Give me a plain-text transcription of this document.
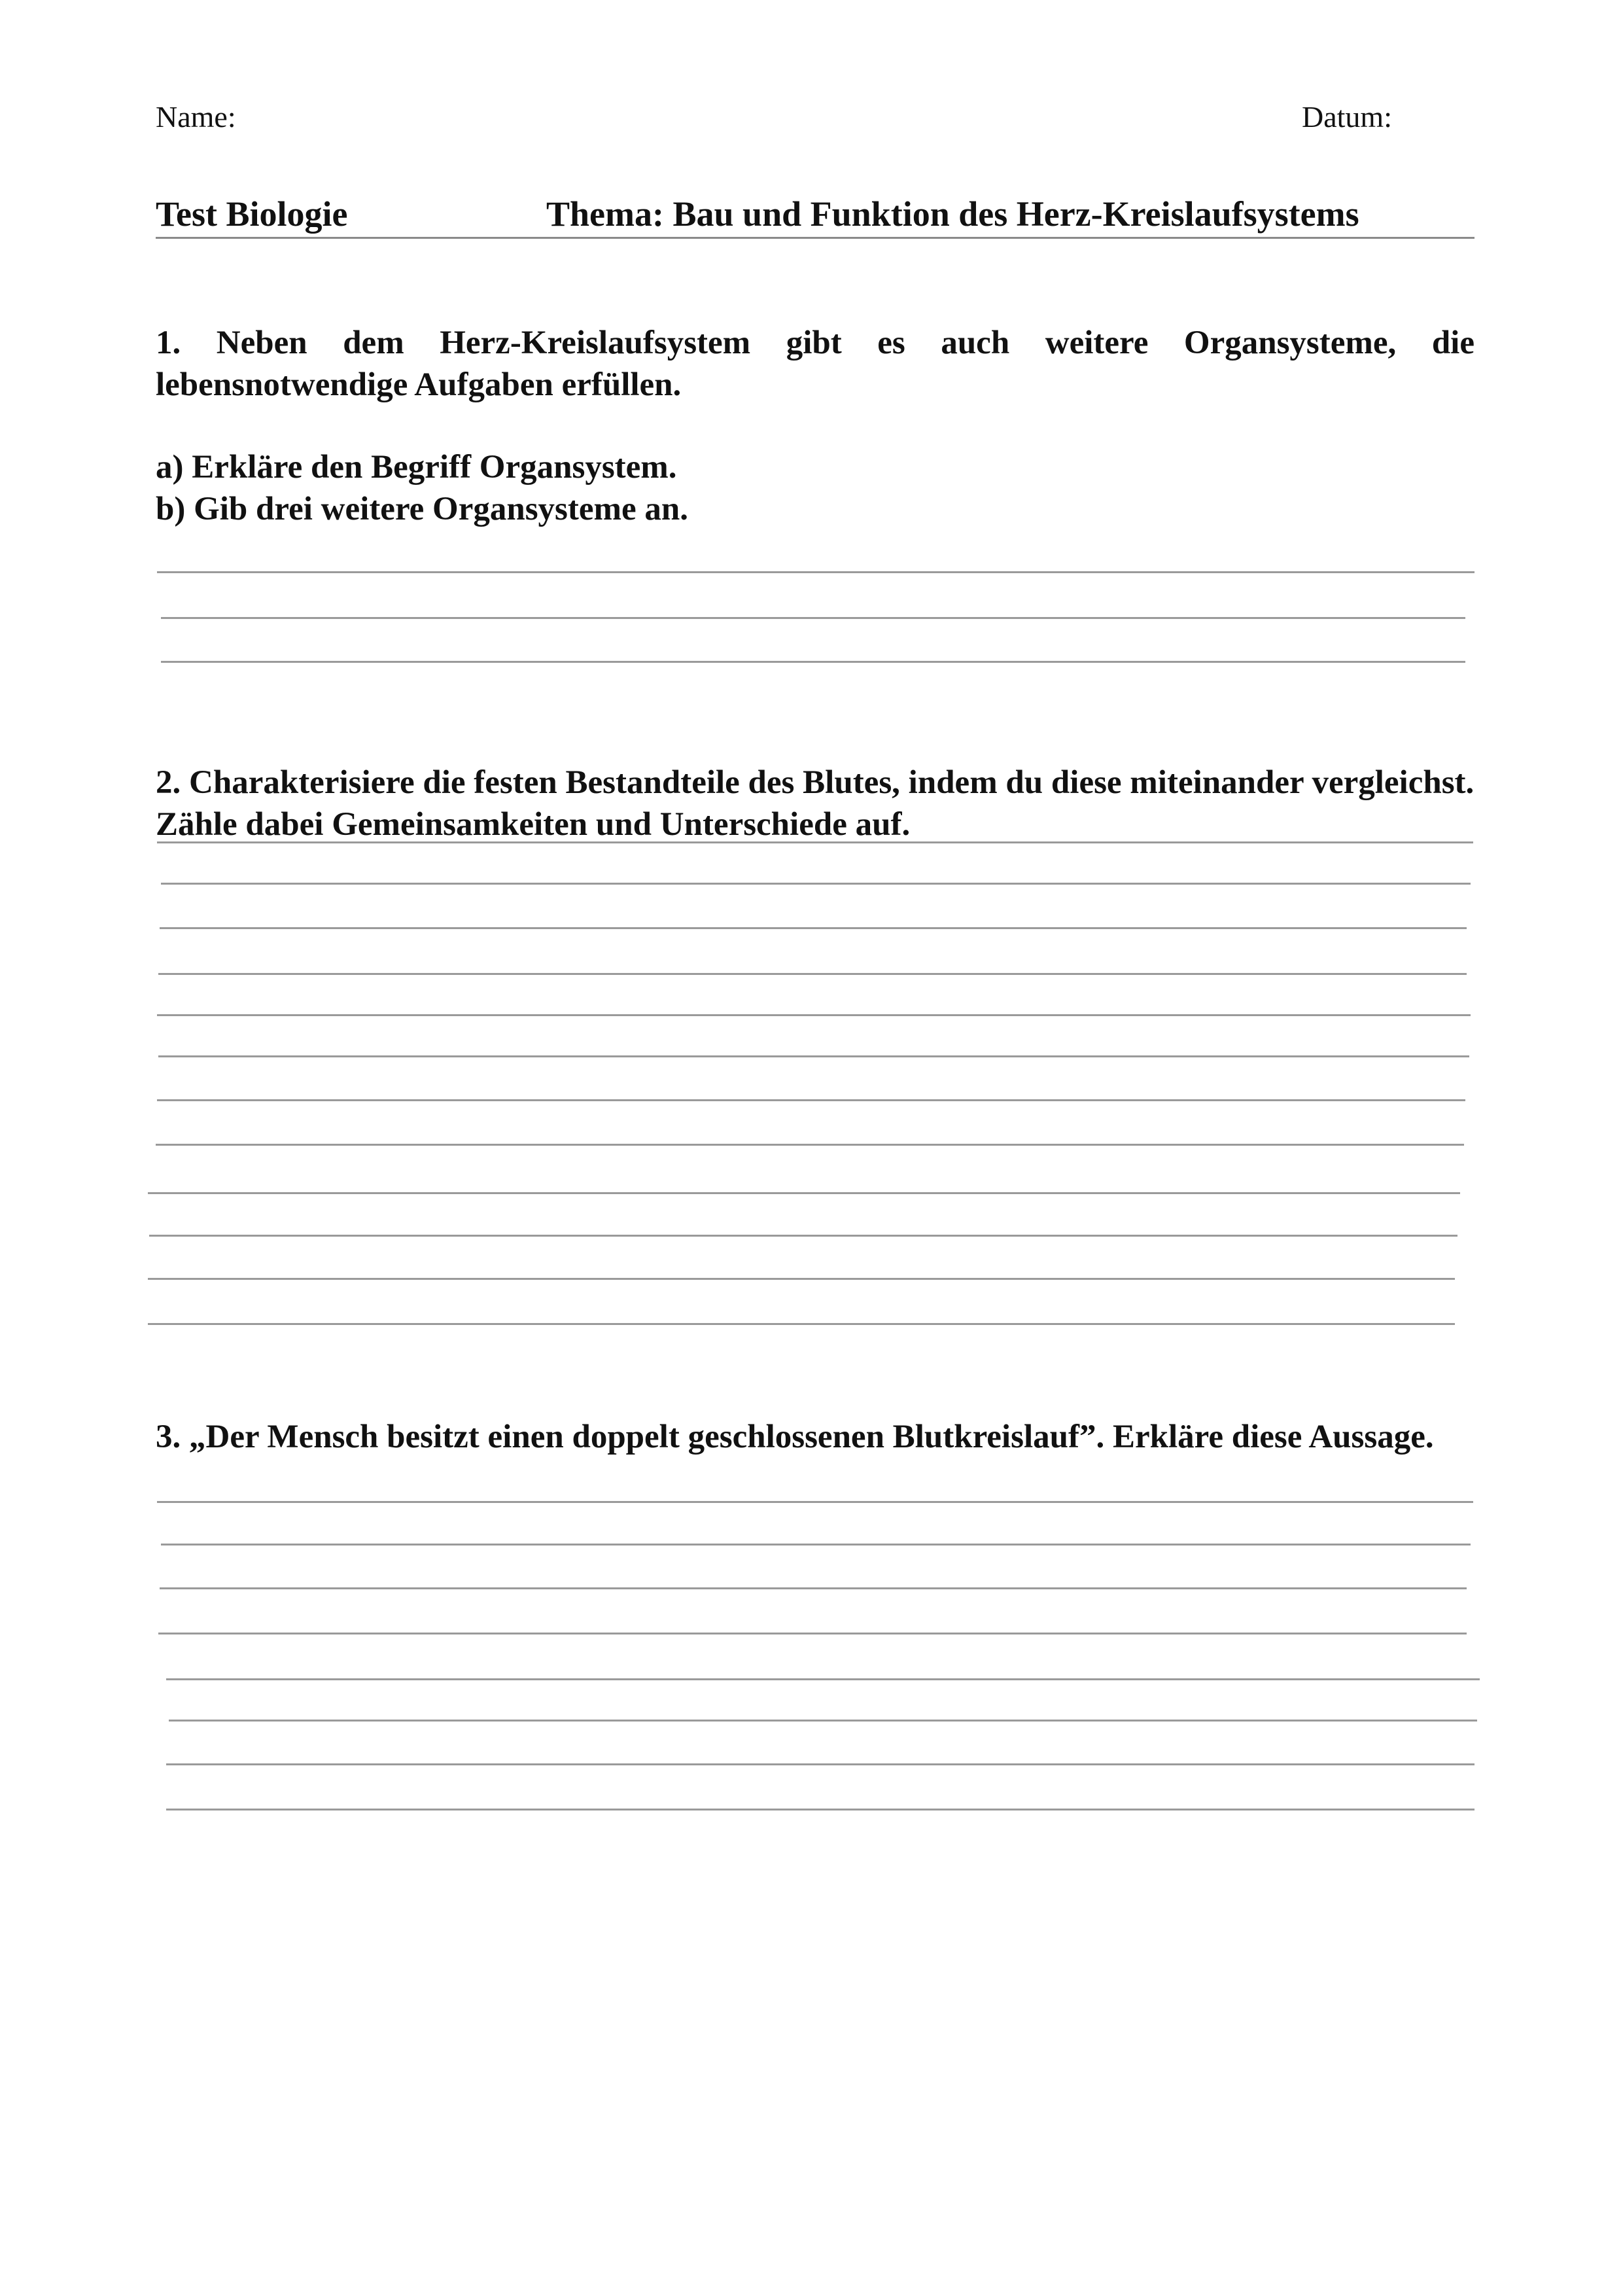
Name:	Datum:
Test Biologie	Thema: Bau und Funktion des Herz-Kreislaufsystems
1. Neben dem Herz-Kreislaufsystem gibt es auch weitere Organsysteme, die lebensnotwendige Aufgaben erfüllen.
a) Erkläre den Begriff Organsystem.
b) Gib drei weitere Organsysteme an.
2. Charakterisiere die festen Bestandteile des Blutes, indem du diese miteinander vergleichst. Zähle dabei Gemeinsamkeiten und Unterschiede auf.
3. „Der Mensch besitzt einen doppelt geschlossenen Blutkreislauf”. Erkläre diese Aussage.
